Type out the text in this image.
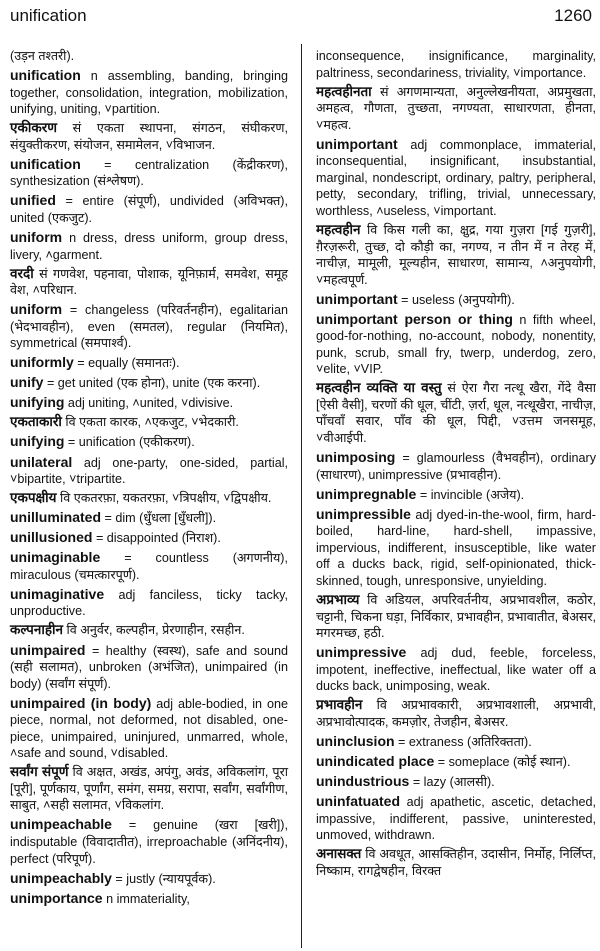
unification	1260
(उड़न तश्तरी).
unification n assembling, banding, bringing together, consolidation, integration, mobilization, unifying, uniting, ˅partition.
एकीकरण सं एकता स्थापना, संगठन, संघीकरण, संयुक्तीकरण, संयोजन, समामेलन, ˅विभाजन.
unification = centralization (केंद्रीकरण), synthesization (संश्लेषण).
unified = entire (संपूर्ण), undivided (अविभक्त), united (एकजुट).
uniform n dress, dress uniform, group dress, livery, ˄garment.
वरदी सं गणवेश, पहनावा, पोशाक, यूनिफ़ार्म, समवेश, समूह वेश, ˄परिधान.
uniform = changeless (परिवर्तनहीन), egalitarian (भेदभावहीन), even (समतल), regular (नियमित), symmetrical (समपार्श्व).
uniformly = equally (समानतः).
unify = get united (एक होना), unite (एक करना).
unifying adj uniting, ˄united, ˅divisive.
एकताकारी वि एकता कारक, ˄एकजुट, ˅भेदकारी.
unifying = unification (एकीकरण).
unilateral adj one-party, one-sided, partial, ˅bipartite, ˅tripartite.
एकपक्षीय वि एकतरफ़ा, यकतरफ़ा, ˅त्रिपक्षीय, ˅द्विपक्षीय.
unilluminated = dim (धुँधला [धुँधली]).
unillusioned = disappointed (निराश).
unimaginable = countless (अगणनीय), miraculous (चमत्कारपूर्ण).
unimaginative adj fanciless, ticky tacky, unproductive.
कल्पनाहीन वि अनुर्वर, कल्पहीन, प्रेरणाहीन, रसहीन.
unimpaired = healthy (स्वस्थ), safe and sound (सही सलामत), unbroken (अभंजित), unimpaired (in body) (सर्वांग संपूर्ण).
unimpaired (in body) adj able-bodied, in one piece, normal, not deformed, not disabled, one-piece, unimpaired, uninjured, unmarred, whole, ˄safe and sound, ˅disabled.
सर्वांग संपूर्ण वि अक्षत, अखंड, अपंगु, अवंड, अविकलांग, पूरा [पूरी], पूर्णकाय, पूर्णांग, समंग, समग्र, सरापा, सर्वांग, सर्वांगीण, साबुत, ˄सही सलामत, ˅विकलांग.
unimpeachable = genuine (खरा [खरी]), indisputable (विवादातीत), irreproachable (अनिंदनीय), perfect (परिपूर्ण).
unimpeachably = justly (न्यायपूर्वक).
unimportance n immateriality,
inconsequence, insignificance, marginality, paltriness, secondariness, triviality, ˅importance.
महत्वहीनता सं अगणमान्यता, अनुल्लेखनीयता, अप्रमुखता, अमहत्व, गौणता, तुच्छता, नगण्यता, साधारणता, हीनता, ˅महत्व.
unimportant adj commonplace, immaterial, inconsequential, insignificant, insubstantial, marginal, nondescript, ordinary, paltry, peripheral, petty, secondary, trifling, trivial, unnecessary, worthless, ˄useless, ˅important.
महत्वहीन वि किस गली का, क्षुद्र, गया गुज़रा [गई गुज़री], ग़ैरज़रूरी, तुच्छ, दो कौड़ी का, नगण्य, न तीन में न तेरह में, नाचीज़, मामूली, मूल्यहीन, साधारण, सामान्य, ˄अनुपयोगी, ˅महत्वपूर्ण.
unimportant = useless (अनुपयोगी).
unimportant person or thing n fifth wheel, good-for-nothing, no-account, nobody, nonentity, punk, scrub, small fry, twerp, underdog, zero, ˅elite, ˅VIP.
महत्वहीन व्यक्ति या वस्तु सं ऐरा गैरा नत्थू खैरा, गेंदे वैसा [ऐसी वैसी], चरणों की धूल, चींटी, ज़र्रा, धूल, नत्थूखैरा, नाचीज़, पाँचवाँ सवार, पाँव की धूल, पिद्दी, ˅उत्तम जनसमूह, ˅वीआईपी.
unimposing = glamourless (वैभवहीन), ordinary (साधारण), unimpressive (प्रभावहीन).
unimpregnable = invincible (अजेय).
unimpressible adj dyed-in-the-wool, firm, hard-boiled, hard-line, hard-shell, impassive, impervious, indifferent, insusceptible, like water off a ducks back, rigid, self-opinionated, thick-skinned, tough, unresponsive, unyielding.
अप्रभाव्य वि अडियल, अपरिवर्तनीय, अप्रभावशील, कठोर, चट्टानी, चिकना घड़ा, निर्विकार, प्रभावहीन, प्रभावातीत, बेअसर, मगरमच्छ, हठी.
unimpressive adj dud, feeble, forceless, impotent, ineffective, ineffectual, like water off a ducks back, unimposing, weak.
प्रभावहीन वि अप्रभावकारी, अप्रभावशाली, अप्रभावी, अप्रभावोत्पादक, कमज़ोर, तेजहीन, बेअसर.
uninclusion = extraness (अतिरिक्तता).
unindicated place = someplace (कोई स्थान).
unindustrious = lazy (आलसी).
uninfatuated adj apathetic, ascetic, detached, impassive, indifferent, passive, uninterested, unmoved, withdrawn.
अनासक्त वि अवधूत, आसक्तिहीन, उदासीन, निर्मोह, निर्लिप्त, निष्काम, रागद्वेषहीन, विरक्त
